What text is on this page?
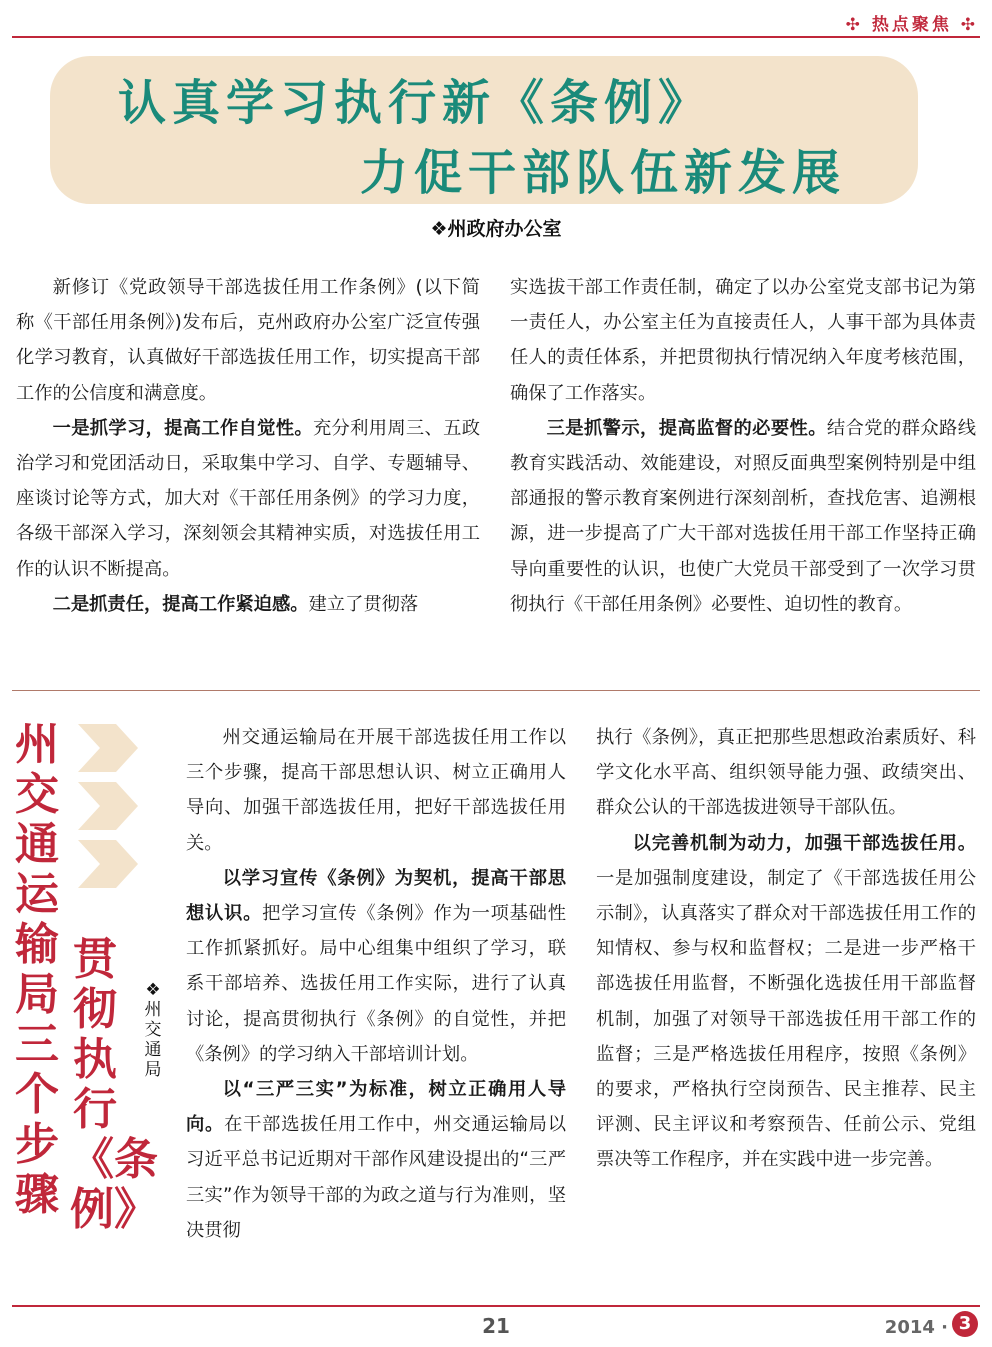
✣ 热点聚焦 ✣
认真学习执行新《条例》
力促干部队伍新发展
❖州政府办公室

新修订《党政领导干部选拔任用工作条例》(以下简称《干部任用条例》)发布后，克州政府办公室广泛宣传强化学习教育，认真做好干部选拔任用工作，切实提高干部工作的公信度和满意度。

一是抓学习，提高工作自觉性。充分利用周三、五政治学习和党团活动日，采取集中学习、自学、专题辅导、座谈讨论等方式，加大对《干部任用条例》的学习力度，各级干部深入学习，深刻领会其精神实质，对选拔任用工作的认识不断提高。

二是抓责任，提高工作紧迫感。建立了贯彻落

实选拔干部工作责任制，确定了以办公室党支部书记为第一责任人，办公室主任为直接责任人，人事干部为具体责任人的责任体系，并把贯彻执行情况纳入年度考核范围，确保了工作落实。

三是抓警示，提高监督的必要性。结合党的群众路线教育实践活动、效能建设，对照反面典型案例特别是中组部通报的警示教育案例进行深刻剖析，查找危害、追溯根源，进一步提高了广大干部对选拔任用干部工作坚持正确导向重要性的认识，也使广大党员干部受到了一次学习贯彻执行《干部任用条例》必要性、迫切性的教育。

州交通运输局三个步骤
贯彻执行《条例》
❖州交通局

州交通运输局在开展干部选拔任用工作以三个步骤，提高干部思想认识、树立正确用人导向、加强干部选拔任用，把好干部选拔任用关。

以学习宣传《条例》为契机，提高干部思想认识。把学习宣传《条例》作为一项基础性工作抓紧抓好。局中心组集中组织了学习，联系干部培养、选拔任用工作实际，进行了认真讨论，提高贯彻执行《条例》的自觉性，并把《条例》的学习纳入干部培训计划。

以“三严三实”为标准，树立正确用人导向。在干部选拔任用工作中，州交通运输局以习近平总书记近期对干部作风建设提出的“三严三实”作为领导干部的为政之道与行为准则，坚决贯彻

执行《条例》，真正把那些思想政治素质好、科学文化水平高、组织领导能力强、政绩突出、群众公认的干部选拔进领导干部队伍。

以完善机制为动力，加强干部选拔任用。一是加强制度建设，制定了《干部选拔任用公示制》，认真落实了群众对干部选拔任用工作的知情权、参与权和监督权；二是进一步严格干部选拔任用监督，不断强化选拔任用干部监督机制，加强了对领导干部选拔任用干部工作的监督；三是严格选拔任用程序，按照《条例》的要求，严格执行空岗预告、民主推荐、民主评测、民主评议和考察预告、任前公示、党组票决等工作程序，并在实践中进一步完善。

21	2014 · 3
